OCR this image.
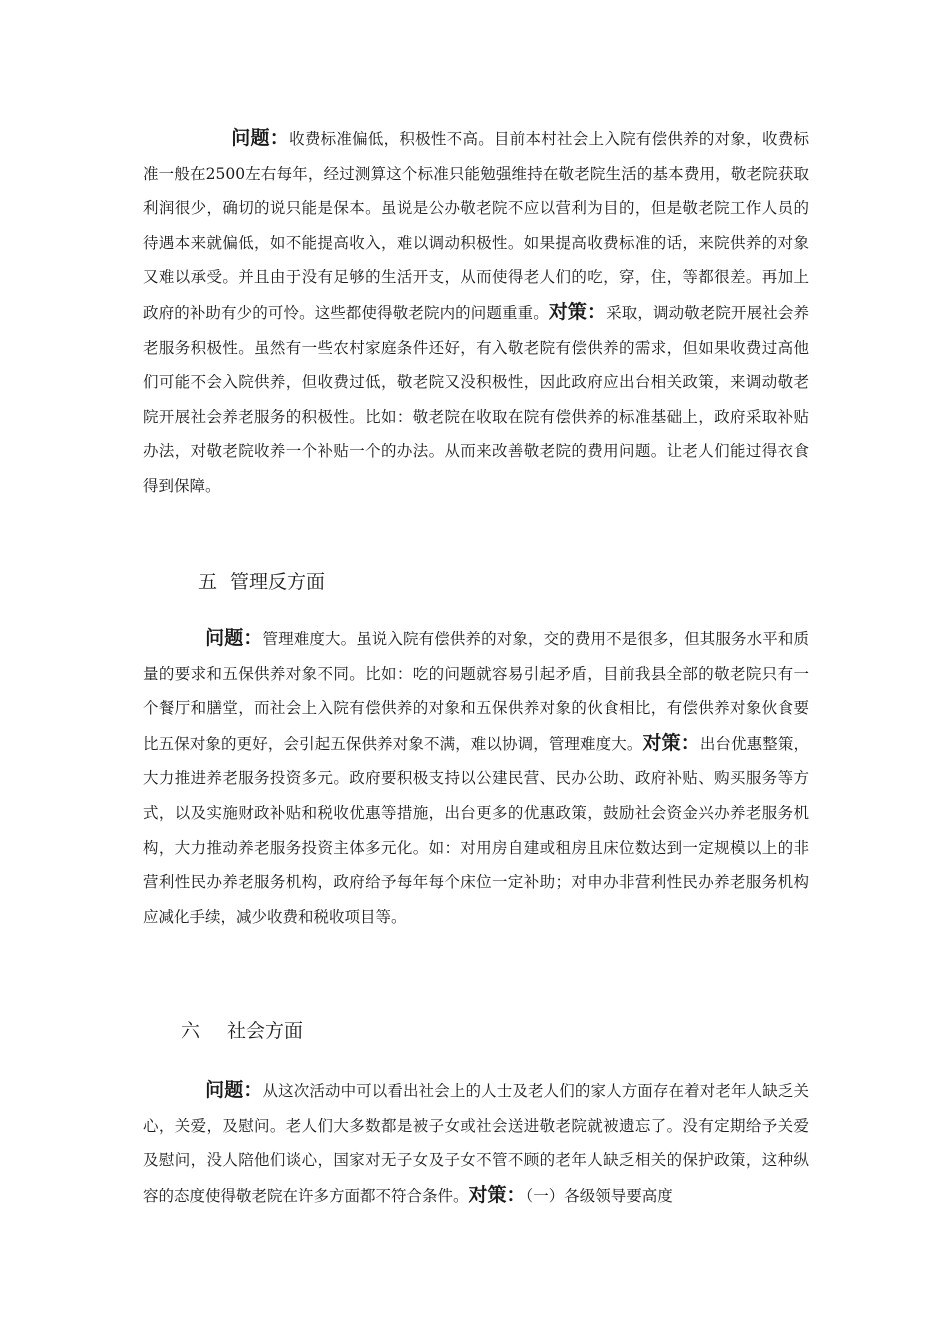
问题：收费标准偏低，积极性不高。目前本村社会上入院有偿供养的对象，收费标准一般在2500左右每年，经过测算这个标准只能勉强维持在敬老院生活的基本费用，敬老院获取利润很少，确切的说只能是保本。虽说是公办敬老院不应以营利为目的，但是敬老院工作人员的待遇本来就偏低，如不能提高收入，难以调动积极性。如果提高收费标准的话，来院供养的对象又难以承受。并且由于没有足够的生活开支，从而使得老人们的吃，穿，住，等都很差。再加上政府的补助有少的可怜。这些都使得敬老院内的问题重重。对策：采取，调动敬老院开展社会养老服务积极性。虽然有一些农村家庭条件还好，有入敬老院有偿供养的需求，但如果收费过高他们可能不会入院供养，但收费过低，敬老院又没积极性，因此政府应出台相关政策，来调动敬老院开展社会养老服务的积极性。比如：敬老院在收取在院有偿供养的标准基础上，政府采取补贴办法，对敬老院收养一个补贴一个的办法。从而来改善敬老院的费用问题。让老人们能过得衣食得到保障。

五 管理反方面

问题：管理难度大。虽说入院有偿供养的对象，交的费用不是很多，但其服务水平和质量的要求和五保供养对象不同。比如：吃的问题就容易引起矛盾，目前我县全部的敬老院只有一个餐厅和膳堂，而社会上入院有偿供养的对象和五保供养对象的伙食相比，有偿供养对象伙食要比五保对象的更好，会引起五保供养对象不满，难以协调，管理难度大。对策：出台优惠整策，大力推进养老服务投资多元。政府要积极支持以公建民营、民办公助、政府补贴、购买服务等方式，以及实施财政补贴和税收优惠等措施，出台更多的优惠政策，鼓励社会资金兴办养老服务机构，大力推动养老服务投资主体多元化。如：对用房自建或租房且床位数达到一定规模以上的非营利性民办养老服务机构，政府给予每年每个床位一定补助；对申办非营利性民办养老服务机构应减化手续，减少收费和税收项目等。

六 社会方面

问题：从这次活动中可以看出社会上的人士及老人们的家人方面存在着对老年人缺乏关心，关爱，及慰问。老人们大多数都是被子女或社会送进敬老院就被遗忘了。没有定期给予关爱及慰问，没人陪他们谈心，国家对无子女及子女不管不顾的老年人缺乏相关的保护政策，这种纵容的态度使得敬老院在许多方面都不符合条件。对策：（一）各级领导要高度
